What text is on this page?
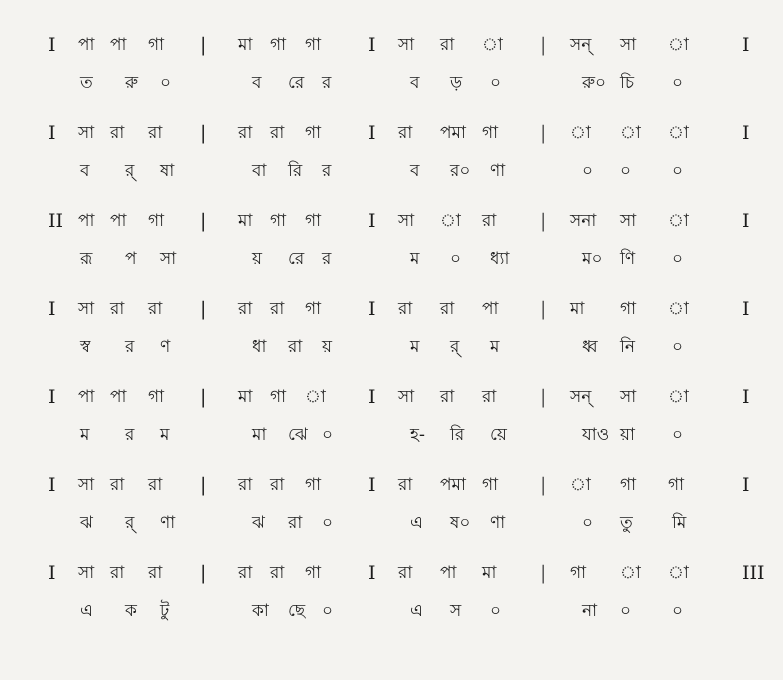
I পা পা গা | মা গা গা I সা রা া | সন্ সা া	I
ত রু ০	ব রে র	ব ড় ০	রু০ চি ০
I সা রা রা | রা রা গা I রা পমা গা | া া া	I
ব র্ ষা	বা রি র	ব র০ ণা	০ ০ ০
II পা পা গা | মা গা গা I সা া রা | সনা সা া	I
রূ প সা	য় রে র	ম ০ ধ্যা	ম০ ণি ০
I সা রা রা | রা রা গা I রা রা পা | মা গা া	I
স্ব র ণ	ধা রা য়	ম র্ ম	ধ্ব নি ০
I পা পা গা | মা গা া I সা রা রা | সন্ সা া	I
ম র ম	মা ঝে ০	হ- রি য়ে	যাও য়া ০
I সা রা রা | রা রা গা I রা পমা গা | া গা গা	I
ঝ র্ ণা	ঝ রা ০	এ ষ০ ণা	০ তু মি
I সা রা রা | রা রা গা I রা পা মা | গা া া	III
এ ক টু	কা ছে ০	এ স ০	না ০ ০
